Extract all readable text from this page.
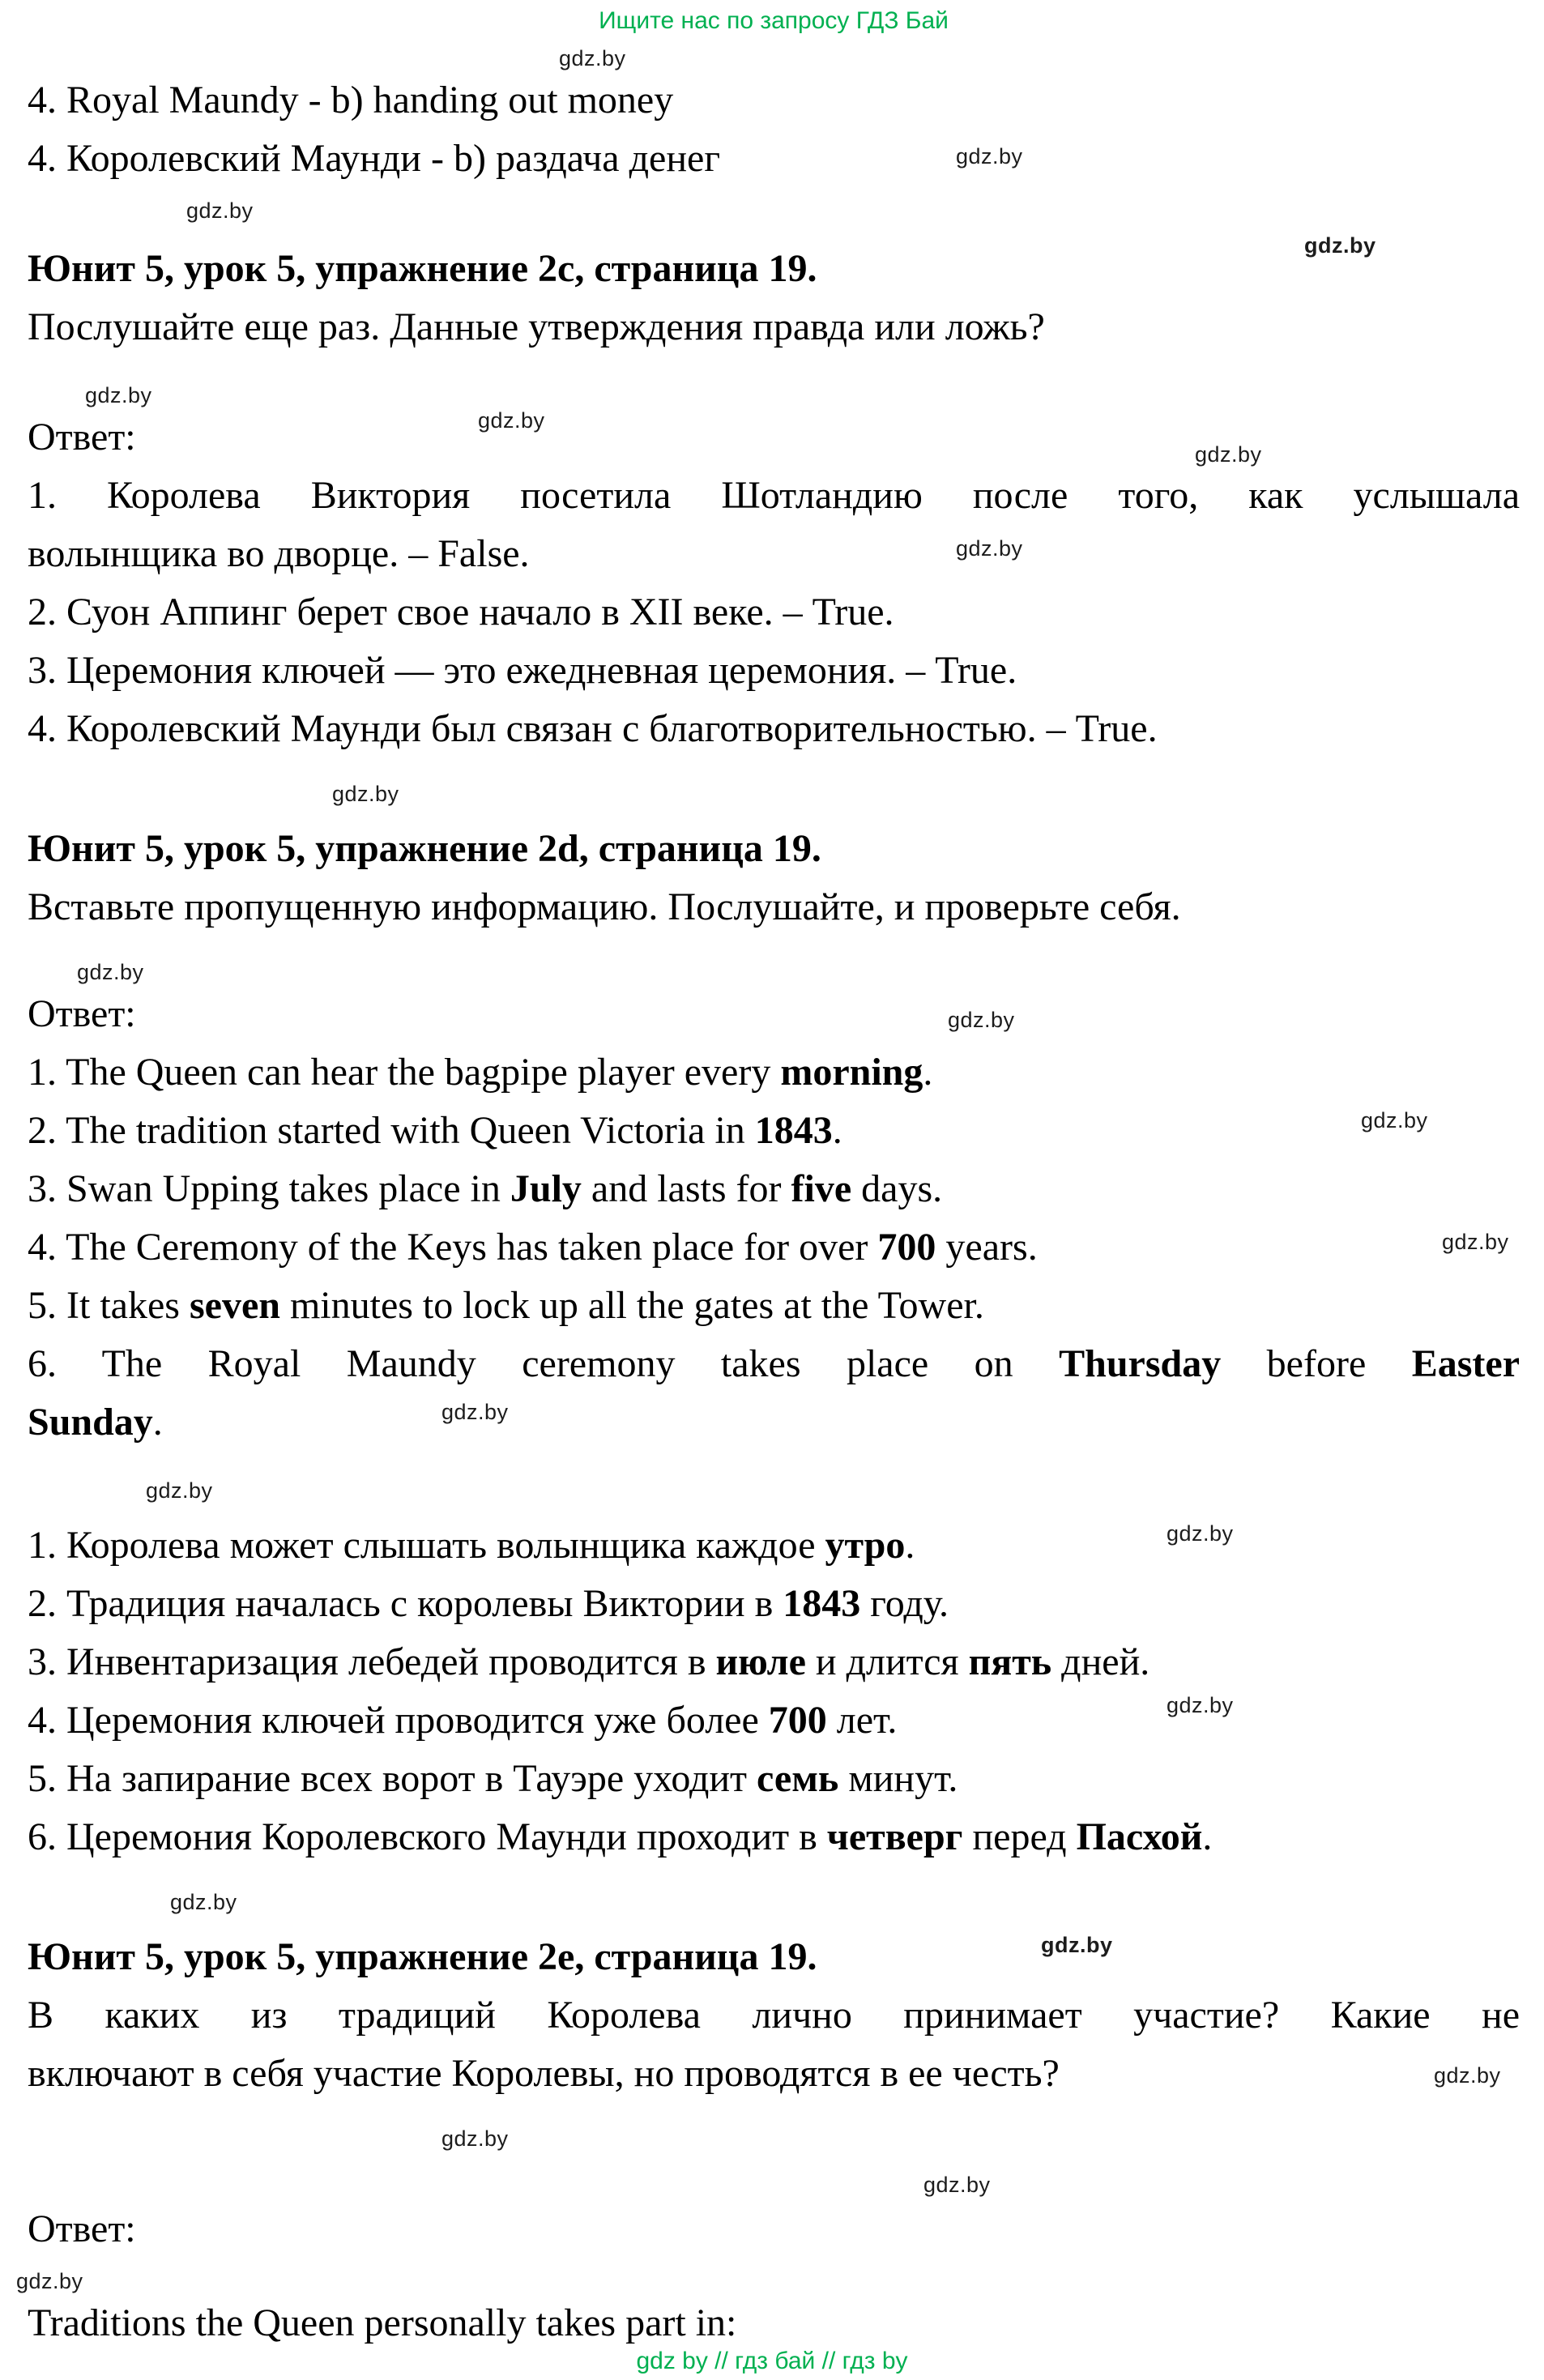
Ищите нас по запросу ГДЗ Бай
gdz.by
4. Royal Maundy - b) handing out money
4. Королевский Маунди - b) раздача денег	gdz.by
gdz.by
Юнит 5, урок 5, упражнение 2c, страница 19.
gdz.by
Послушайте еще раз. Данные утверждения правда или ложь?
gdz.by
Ответ:	gdz.by
1. Королева Виктория посетила Шотландию после того, как услышала
волынщика во дворце. – False.
gdz.by
gdz.by
2. Суон Аппинг берет свое начало в XII веке. – True.
3. Церемония ключей — это ежедневная церемония. – True.
4. Королевский Маунди был связан с благотворительностью. – True.
gdz.by
Юнит 5, урок 5, упражнение 2d, страница 19.
Вставьте пропущенную информацию. Послушайте, и проверьте себя.
gdz.by
Ответ:	gdz.by
1. The Queen can hear the bagpipe player every morning.
2. The tradition started with Queen Victoria in 1843.	gdz.by
3. Swan Upping takes place in July and lasts for five days.
4. The Ceremony of the Keys has taken place for over 700 years.	gdz.by
5. It takes seven minutes to lock up all the gates at the Tower.
6. The Royal Maundy ceremony takes place on Thursday before Easter
Sunday.	gdz.by
gdz.by
1. Королева может слышать волынщика каждое утро.	gdz.by
2. Традиция началась с королевы Виктории в 1843 году.
3. Инвентаризация лебедей проводится в июле и длится пять дней.
4. Церемония ключей проводится уже более 700 лет.	gdz.by
5. На запирание всех ворот в Тауэре уходит семь минут.
6. Церемония Королевского Маунди проходит в четверг перед Пасхой.
gdz.by
Юнит 5, урок 5, упражнение 2e, страница 19.	gdz.by
В каких из традиций Королева лично принимает участие? Какие не
включают в себя участие Королевы, но проводятся в ее честь?	gdz.by
gdz.by
Ответ:
gdz.by
gdz.by
Traditions the Queen personally takes part in:
gdz by // гдз бай // гдз by
